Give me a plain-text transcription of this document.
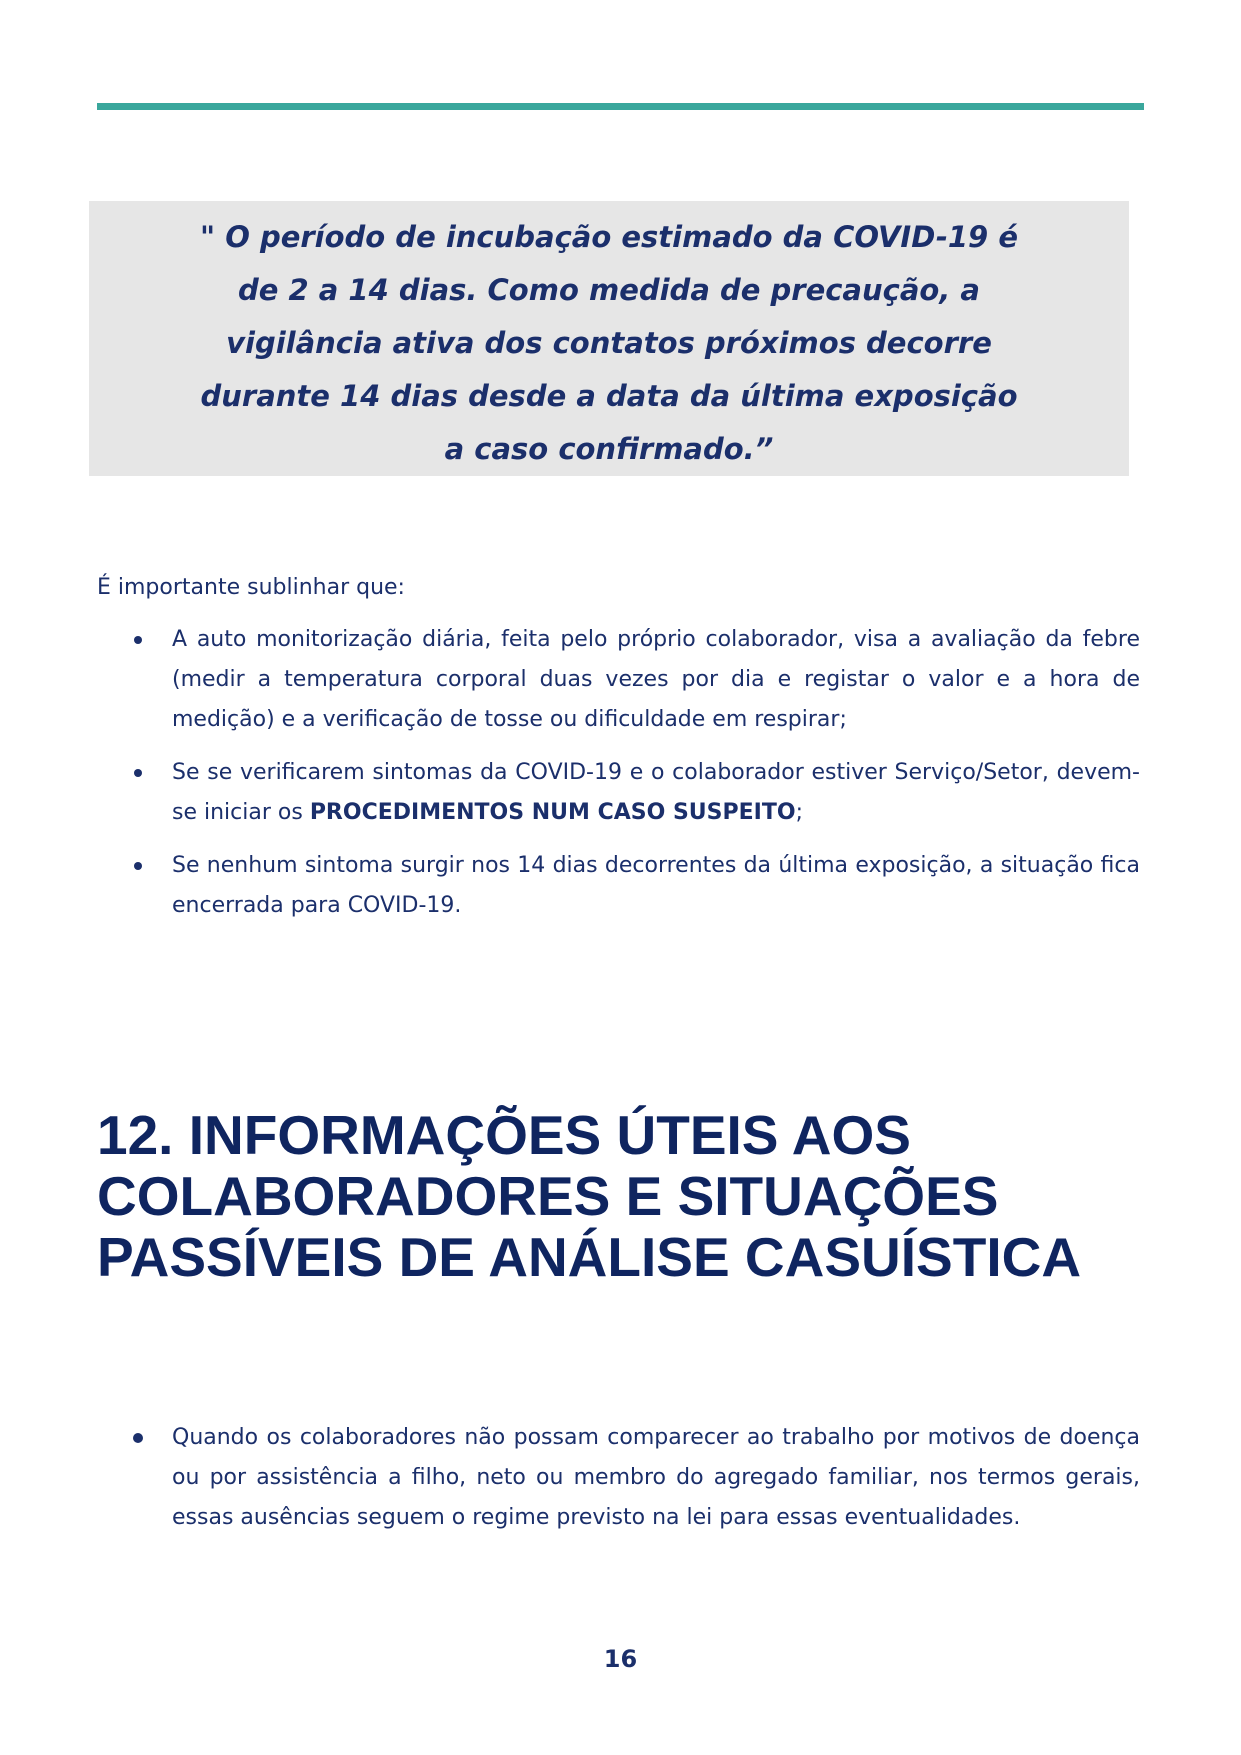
" O período de incubação estimado da COVID-19 é
de 2 a 14 dias. Como medida de precaução, a
vigilância ativa dos contatos próximos decorre
durante 14 dias desde a data da última exposição
a caso confirmado.”
É importante sublinhar que:
A auto monitorização diária, feita pelo próprio colaborador, visa a avaliação da febre (medir a temperatura corporal duas vezes por dia e registar o valor e a hora de medição) e a verificação de tosse ou dificuldade em respirar;
Se se verificarem sintomas da COVID-19 e o colaborador estiver Serviço/Setor, devem-se iniciar os PROCEDIMENTOS NUM CASO SUSPEITO;
Se nenhum sintoma surgir nos 14 dias decorrentes da última exposição, a situação fica encerrada para COVID-19.
12. INFORMAÇÕES ÚTEIS AOS
COLABORADORES E SITUAÇÕES
PASSÍVEIS DE ANÁLISE CASUÍSTICA
Quando os colaboradores não possam comparecer ao trabalho por motivos de doença ou por assistência a filho, neto ou membro do agregado familiar, nos termos gerais, essas ausências seguem o regime previsto na lei para essas eventualidades.
16
